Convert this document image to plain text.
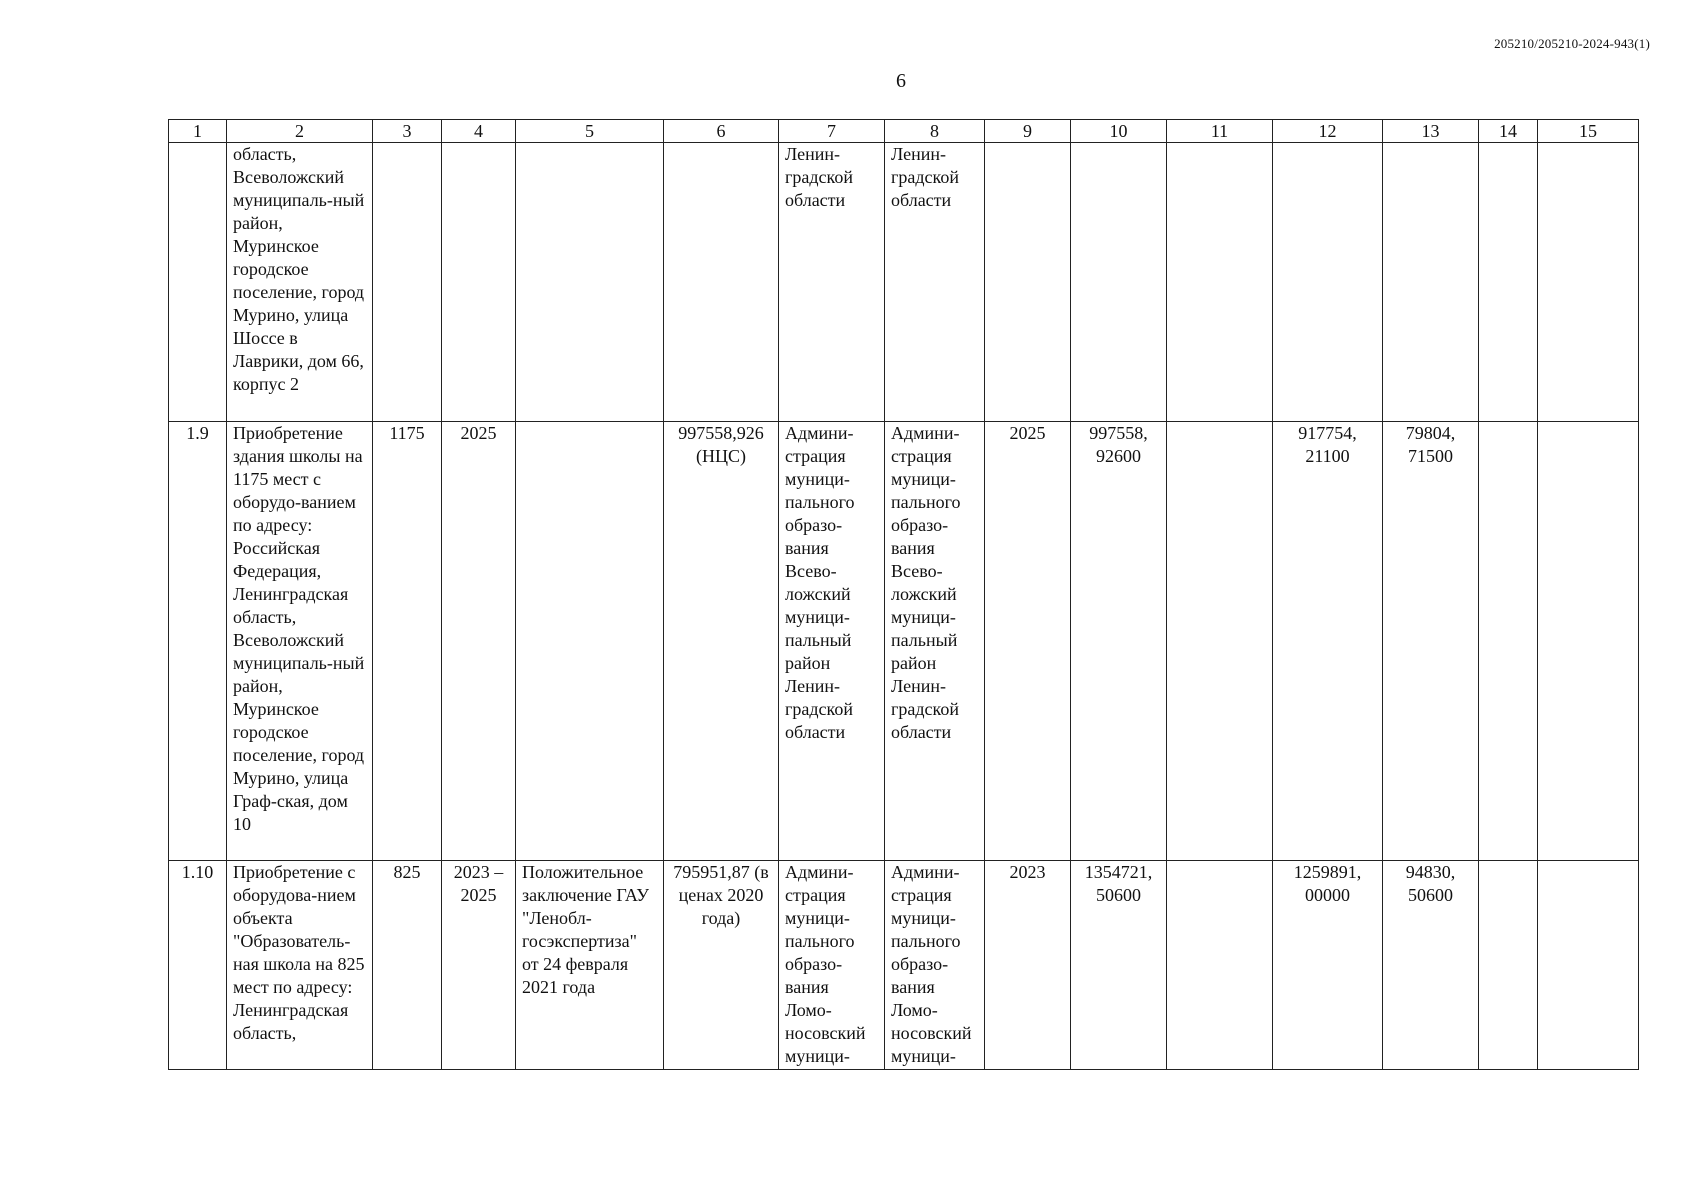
205210/205210-2024-943(1)
6
1	2	3	4	5	6	7	8	9	10	11	12	13	14	15
	область, Всеволожский муниципаль-ный район, Муринское городское поселение, город Мурино, улица Шоссе в Лаврики, дом 66, корпус 2					Ленин-градской области	Ленин-градской области							
1.9	Приобретение здания школы на 1175 мест с оборудо-ванием по адресу: Российская Федерация, Ленинградская область, Всеволожский муниципаль-ный район, Муринское городское поселение, город Мурино, улица Граф-ская, дом 10	1175	2025		997558,926 (НЦС)	Админи-страция муници-пального образо-вания Всево-ложский муници-пальный район Ленин-градской области	Админи-страция муници-пального образо-вания Всево-ложский муници-пальный район Ленин-градской области	2025	997558, 92600		917754, 21100	79804, 71500		
1.10	Приобретение с оборудова-нием объекта "Образователь-ная школа на 825 мест по адресу: Ленинградская область,	825	2023 – 2025	Положительное заключение ГАУ "Ленобл-госэкспертиза" от 24 февраля 2021 года	795951,87 (в ценах 2020 года)	Админи-страция муници-пального образо-вания Ломо-носовский муници-	Админи-страция муници-пального образо-вания Ломо-носовский муници-	2023	1354721, 50600		1259891, 00000	94830, 50600		
